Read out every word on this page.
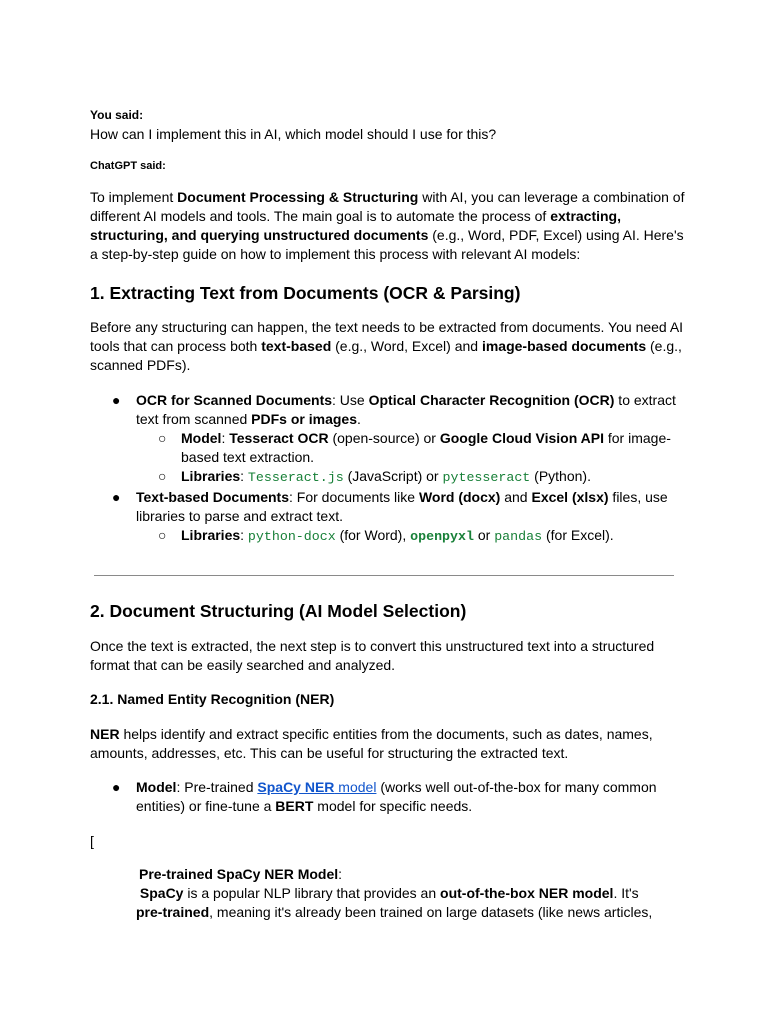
You said:

How can I implement this in AI, which model should I use for this?

ChatGPT said:

To implement Document Processing & Structuring with AI, you can leverage a combination of different AI models and tools. The main goal is to automate the process of extracting, structuring, and querying unstructured documents (e.g., Word, PDF, Excel) using AI. Here's a step-by-step guide on how to implement this process with relevant AI models:

1. Extracting Text from Documents (OCR & Parsing)

Before any structuring can happen, the text needs to be extracted from documents. You need AI tools that can process both text-based (e.g., Word, Excel) and image-based documents (e.g., scanned PDFs).

● OCR for Scanned Documents: Use Optical Character Recognition (OCR) to extract text from scanned PDFs or images.
○ Model: Tesseract OCR (open-source) or Google Cloud Vision API for image-based text extraction.
○ Libraries: Tesseract.js (JavaScript) or pytesseract (Python).
● Text-based Documents: For documents like Word (docx) and Excel (xlsx) files, use libraries to parse and extract text.
○ Libraries: python-docx (for Word), openpyxl or pandas (for Excel).
2. Document Structuring (AI Model Selection)

Once the text is extracted, the next step is to convert this unstructured text into a structured format that can be easily searched and analyzed.

2.1. Named Entity Recognition (NER)

NER helps identify and extract specific entities from the documents, such as dates, names, amounts, addresses, etc. This can be useful for structuring the extracted text.

● Model: Pre-trained SpaCy NER model (works well out-of-the-box for many common entities) or fine-tune a BERT model for specific needs.

[

Pre-trained SpaCy NER Model:

SpaCy is a popular NLP library that provides an out-of-the-box NER model. It's pre-trained, meaning it's already been trained on large datasets (like news articles,
